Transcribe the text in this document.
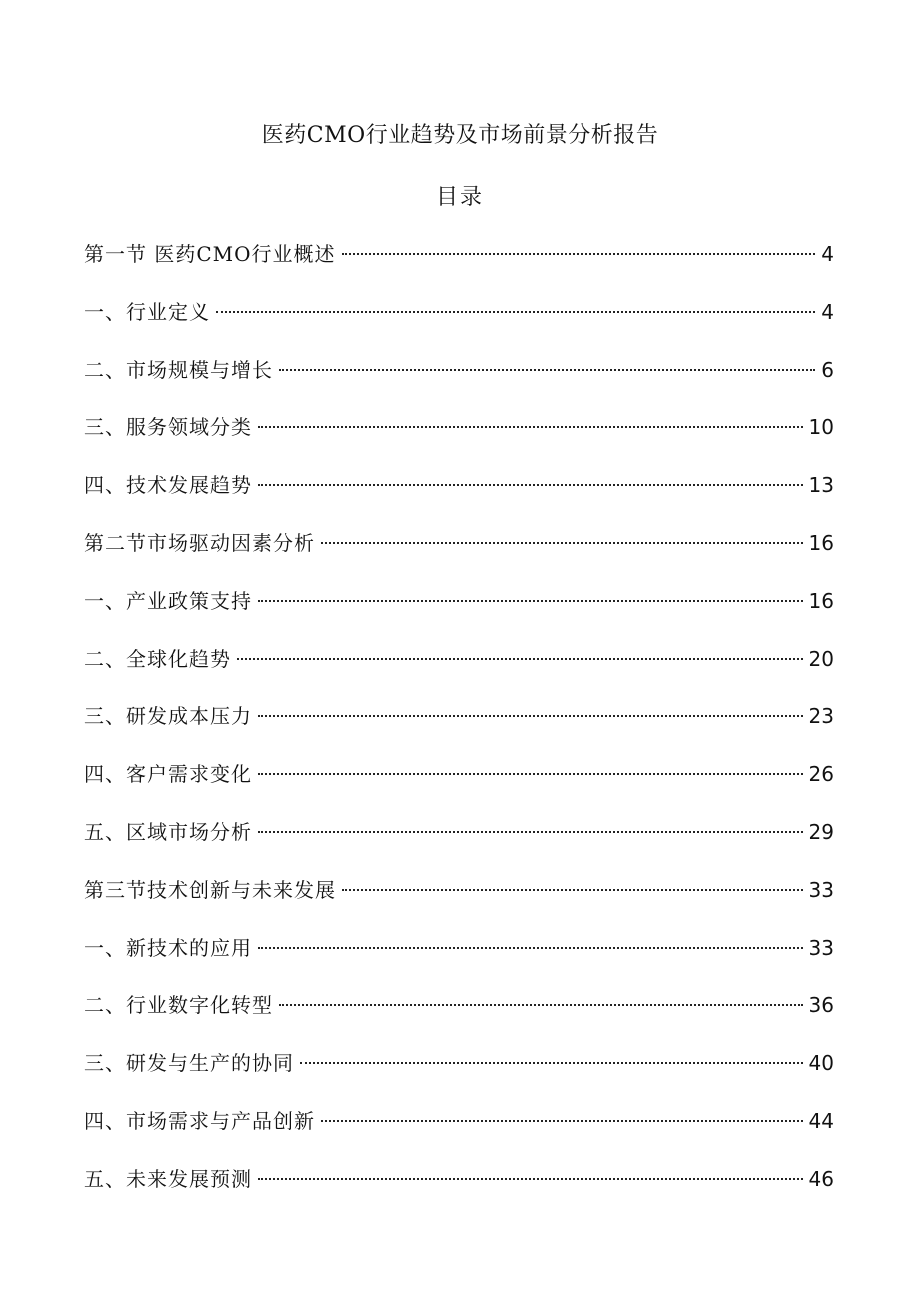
医药CMO行业趋势及市场前景分析报告
目录
第一节 医药CMO行业概述	4
一、行业定义	4
二、市场规模与增长	6
三、服务领域分类	10
四、技术发展趋势	13
第二节市场驱动因素分析	16
一、产业政策支持	16
二、全球化趋势	20
三、研发成本压力	23
四、客户需求变化	26
五、区域市场分析	29
第三节技术创新与未来发展	33
一、新技术的应用	33
二、行业数字化转型	36
三、研发与生产的协同	40
四、市场需求与产品创新	44
五、未来发展预测	46
